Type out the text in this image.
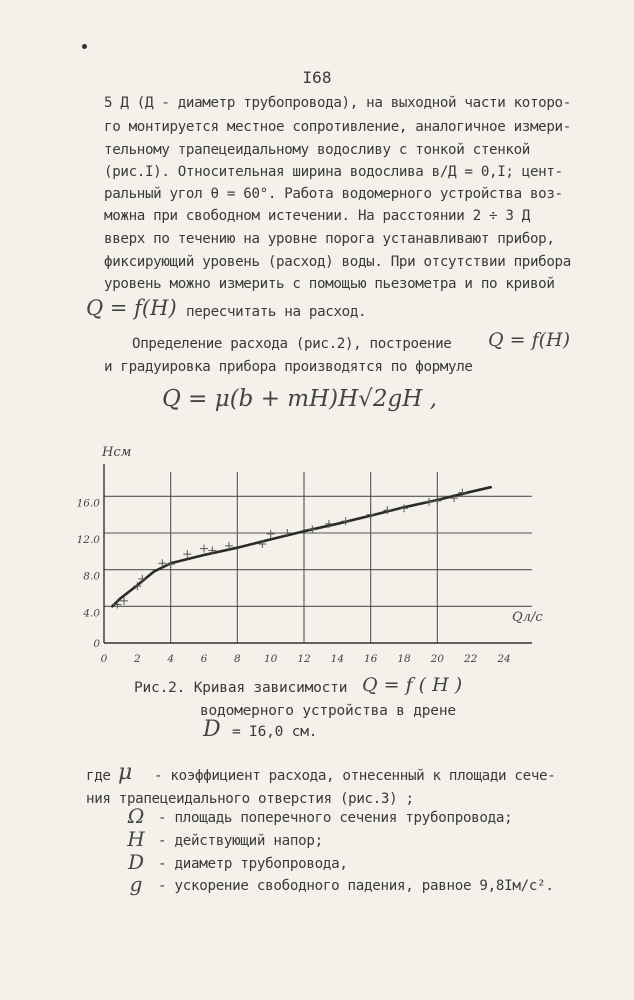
I68
5 Д (Д - диаметр трубопровода), на выходной части которо-
го монтируется местное сопротивление, аналогичное измери-
тельному трапецеидальному водосливу с тонкой стенкой
(рис.I). Относительная ширина водослива в/Д = 0,I; цент-
ральный угол θ = 60°. Работа водомерного устройства воз-
можна при свободном истечении. На расстоянии 2 ÷ 3 Д
вверх по течению на уровне порога устанавливают прибор,
фиксирующий уровень (расход) воды. При отсутствии прибора
уровень можно измерить с помощью пьезометра и по кривой
Q = f(H) пересчитать на расход.
Определение расхода (рис.2), построение Q = f(H)
и градуировка прибора производятся по формуле
Q = μ(b + mH)H√2gH ,
0	2	4	6	8 10 12 14 16 18 20 22 24
4.0
8.0
12.0
16.0
0
Hсм
Qл/с
Рис.2. Кривая зависимости Q = f ( H )
водомерного устройства в дрене
D = I6,0 см.
где μ - коэффициент расхода, отнесенный к площади сече-
ния трапецеидального отверстия (рис.3) ;
Ω - площадь поперечного сечения трубопровода;
H - действующий напор;
D - диаметр трубопровода,
g	- ускорение свободного падения, равное 9,8Iм/с².
